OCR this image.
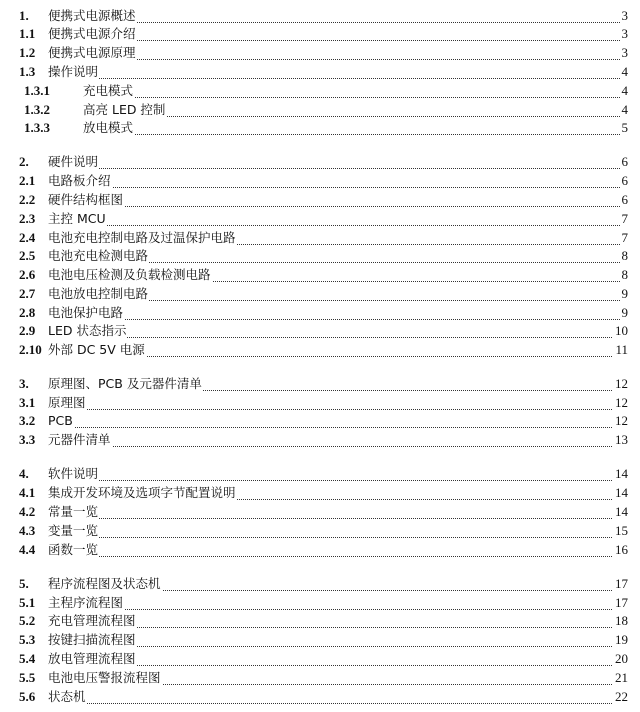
1. 便携式电源概述	3
1.1 便携式电源介绍	3
1.2 便携式电源原理	3
1.3 操作说明	4
1.3.1	充电模式	4
1.3.2	高亮 LED 控制	4
1.3.3	放电模式	5
2. 硬件说明	6
2.1 电路板介绍	6
2.2 硬件结构框图	6
2.3 主控 MCU	7
2.4 电池充电控制电路及过温保护电路	7
2.5 电池充电检测电路	8
2.6 电池电压检测及负载检测电路	8
2.7 电池放电控制电路	9
2.8 电池保护电路	9
2.9 LED 状态指示	10
2.10 外部 DC 5V 电源	11
3. 原理图、PCB 及元器件清单	12
3.1 原理图	12
3.2 PCB	12
3.3 元器件清单	13
4. 软件说明	14
4.1 集成开发环境及选项字节配置说明	14
4.2 常量一览	14
4.3 变量一览	15
4.4 函数一览	16
5. 程序流程图及状态机	17
5.1 主程序流程图	17
5.2 充电管理流程图	18
5.3 按键扫描流程图	19
5.4 放电管理流程图	20
5.5 电池电压警报流程图	21
5.6 状态机	22
